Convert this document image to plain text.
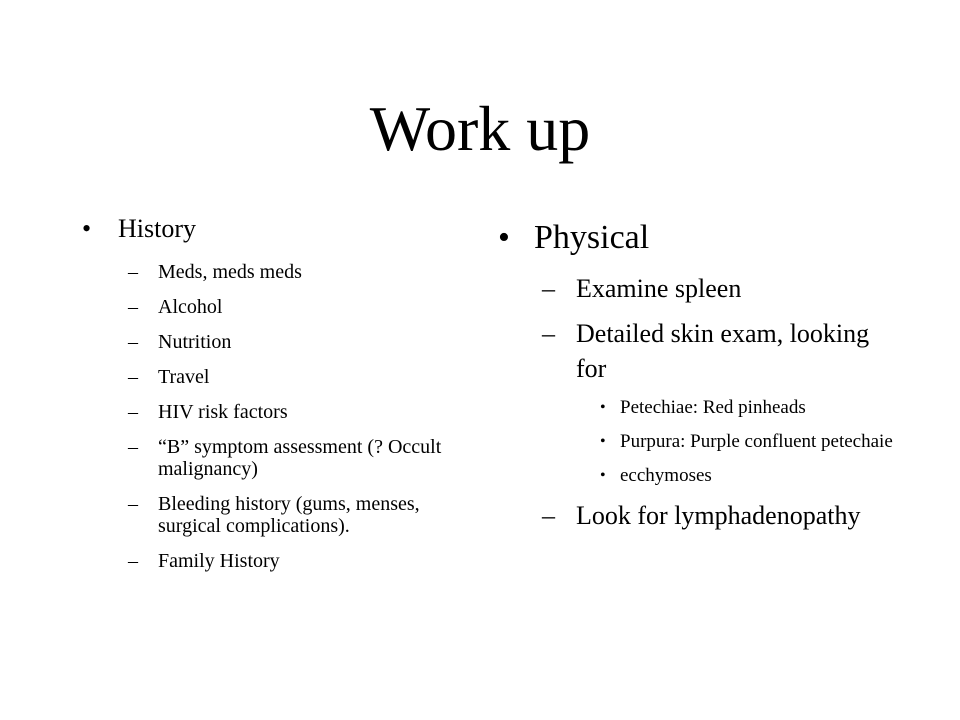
Work up
• History
– Meds, meds meds
– Alcohol
– Nutrition
– Travel
– HIV risk factors
– “B” symptom assessment (? Occult malignancy)
– Bleeding history (gums, menses, surgical complications).
– Family History
• Physical
– Examine spleen
– Detailed skin exam, looking for
• Petechiae: Red pinheads
• Purpura: Purple confluent petechaie
• ecchymoses
– Look for lymphadenopathy
